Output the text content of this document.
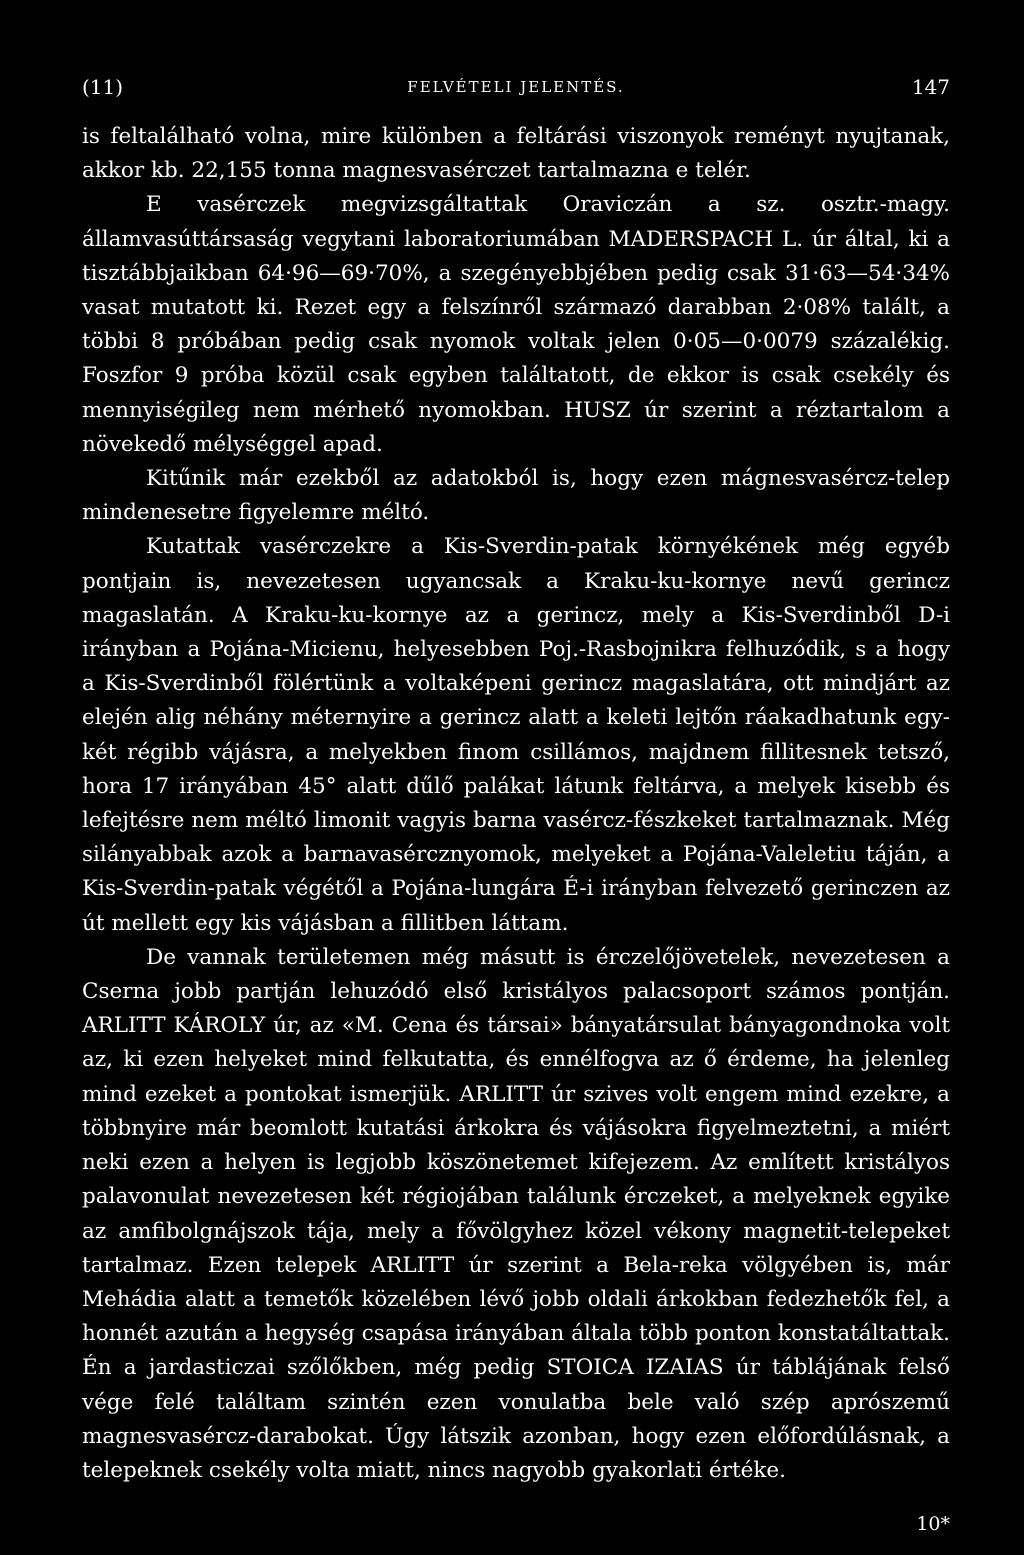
(11)	FELVÉTELI JELENTÉS.	147

is feltalálható volna, mire különben a feltárási viszonyok reményt nyujtanak, akkor kb. 22,155 tonna magnesvasérczet tartalmazna e telér.

E vasérczek megvizsgáltattak Oraviczán a sz. osztr.-magy. államvasúttársaság vegytani laboratoriumában MADERSPACH L. úr által, ki a tisztábbjaikban 64·96—69·70%, a szegényebbjében pedig csak 31·63—54·34% vasat mutatott ki. Rezet egy a felszínről származó darabban 2·08% talált, a többi 8 próbában pedig csak nyomok voltak jelen 0·05—0·0079 százalékig. Foszfor 9 próba közül csak egyben találtatott, de ekkor is csak csekély és mennyiségileg nem mérhető nyomokban. HUSZ úr szerint a réztartalom a növekedő mélységgel apad.

Kitűnik már ezekből az adatokból is, hogy ezen mágnesvasércz-telep mindenesetre figyelemre méltó.

Kutattak vasérczekre a Kis-Sverdin-patak környékének még egyéb pontjain is, nevezetesen ugyancsak a Kraku-ku-kornye nevű gerincz magaslatán. A Kraku-ku-kornye az a gerincz, mely a Kis-Sverdinből D-i irányban a Pojána-Micienu, helyesebben Poj.-Rasbojnikra felhuzódik, s a hogy a Kis-Sverdinből fölértünk a voltaképeni gerincz magaslatára, ott mindjárt az elején alig néhány méternyire a gerincz alatt a keleti lejtőn ráakadhatunk egy-két régibb vájásra, a melyekben finom csillámos, majdnem fillitesnek tetsző, hora 17 irányában 45° alatt dűlő palákat látunk feltárva, a melyek kisebb és lefejtésre nem méltó limonit vagyis barna vasércz-fészkeket tartalmaznak. Még silányabbak azok a barnavasércznyomok, melyeket a Pojána-Valeletiu táján, a Kis-Sverdin-patak végétől a Pojána-lungára É-i irányban felvezető gerinczen az út mellett egy kis vájásban a fillitben láttam.

De vannak területemen még másutt is érczelőjövetelek, nevezetesen a Cserna jobb partján lehuzódó első kristályos palacsoport számos pontján. ARLITT KÁROLY úr, az «M. Cena és társai» bányatársulat bányagondnoka volt az, ki ezen helyeket mind felkutatta, és ennélfogva az ő érdeme, ha jelenleg mind ezeket a pontokat ismerjük. ARLITT úr szives volt engem mind ezekre, a többnyire már beomlott kutatási árkokra és vájásokra figyelmeztetni, a miért neki ezen a helyen is legjobb köszönetemet kifejezem. Az említett kristályos palavonulat nevezetesen két régiojában találunk érczeket, a melyeknek egyike az amfibolgnájszok tája, mely a fővölgyhez közel vékony magnetit-telepeket tartalmaz. Ezen telepek ARLITT úr szerint a Bela-reka völgyében is, már Mehádia alatt a temetők közelében lévő jobb oldali árkokban fedezhetők fel, a honnét azután a hegység csapása irányában általa több ponton konstatáltattak. Én a jardasticzai szőlőkben, még pedig STOICA IZAIAS úr táblájának felső vége felé találtam szintén ezen vonulatba bele való szép aprószemű magnesvasércz-darabokat. Úgy látszik azonban, hogy ezen előfordúlásnak, a telepeknek csekély volta miatt, nincs nagyobb gyakorlati értéke.

10*
